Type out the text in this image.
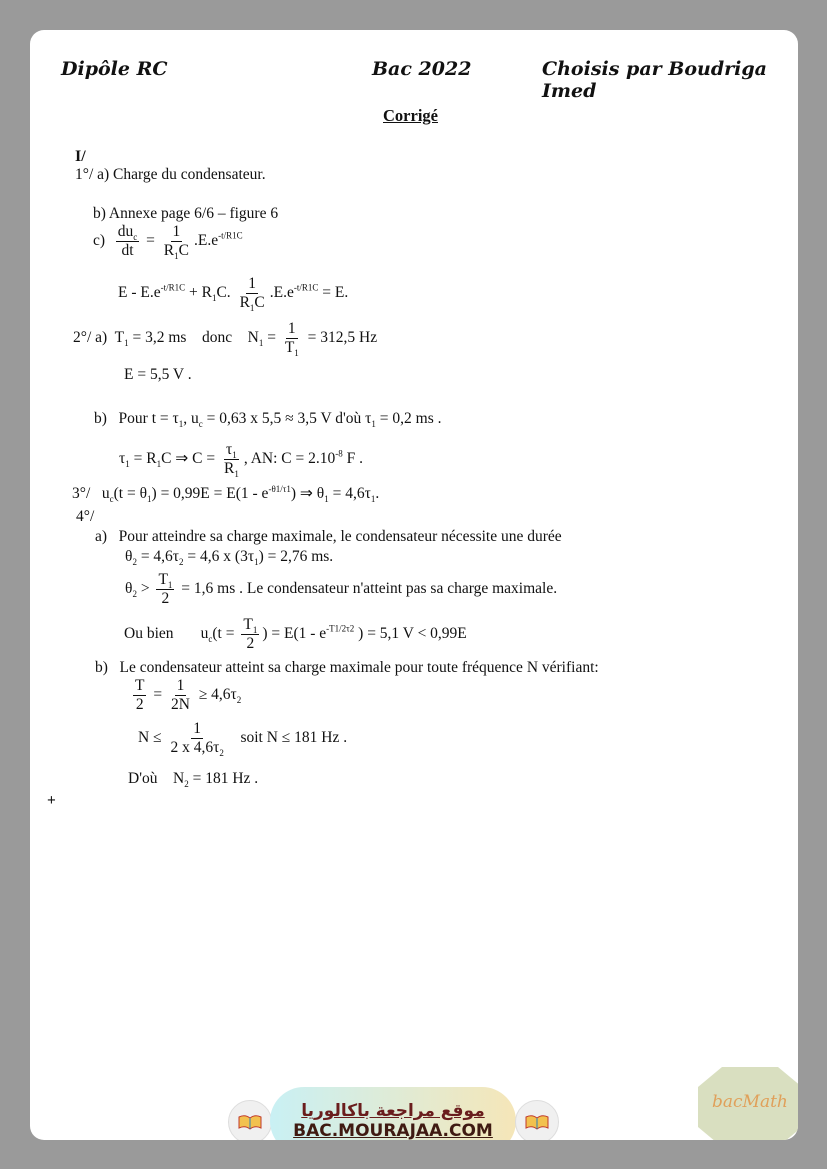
Dipôle RC	Bac 2022	Choisis par Boudriga Imed
Corrigé
I/
1°/ a) Charge du condensateur.
b) Annexe page 6/6 – figure 6
$c) \frac{du_c}{dt} = \frac{1}{R_1C} .E.e^{-t/R1C}$
$E - E.e^{-t/R1C} + R_1C$. $\frac{1}{R_1C} .E.e^{-t/R1C} = E$.
2°/ a) $T_1 = 3,2$ ms donc $N_1 = \frac{1}{T_1} = 312,5$ Hz
E = 5,5 V .
b) Pour $t = \tau_1$, $u_c = 0,63$ x 5,5 ≈ 3,5 V d'où $\tau_1 = 0,2$ ms .
$\tau_1 = R_1C$ ⇒ $C = \frac{\tau_1}{R_1}$ , AN: $C = 2.10^{-8}$ F .
3°/ $u_c(t = \theta_1) = 0,99E = E(1 - e^{-\theta 1/\tau 1})$ ⇒ $\theta_1 = 4,6\tau_1$.
4°/
a) Pour atteindre sa charge maximale, le condensateur nécessite une durée
$\theta_2 = 4,6\tau_2 = 4,6$ x $(3\tau_1) = 2,76$ ms.
$\theta_2 > \frac{T_1}{2} = 1,6$ ms . Le condensateur n'atteint pas sa charge maximale.
Ou bien $u_c(t = \frac{T_1}{2}$ ) = $E(1 - e^{-T1/2\tau 2}$ ) = 5,1 V < 0,99E
b) Le condensateur atteint sa charge maximale pour toute fréquence N vérifiant:
$\frac{T}{2} = \frac{1}{2N} \ge 4,6\tau_2$
$N \le \frac{1}{2 x 4,6\tau_2}$ soit N ≤ 181 Hz .
D'où $N_2 = 181$ Hz .
+
موقع مراجعة باكالوريا
BAC.MOURAJAA.COM
bacMath
